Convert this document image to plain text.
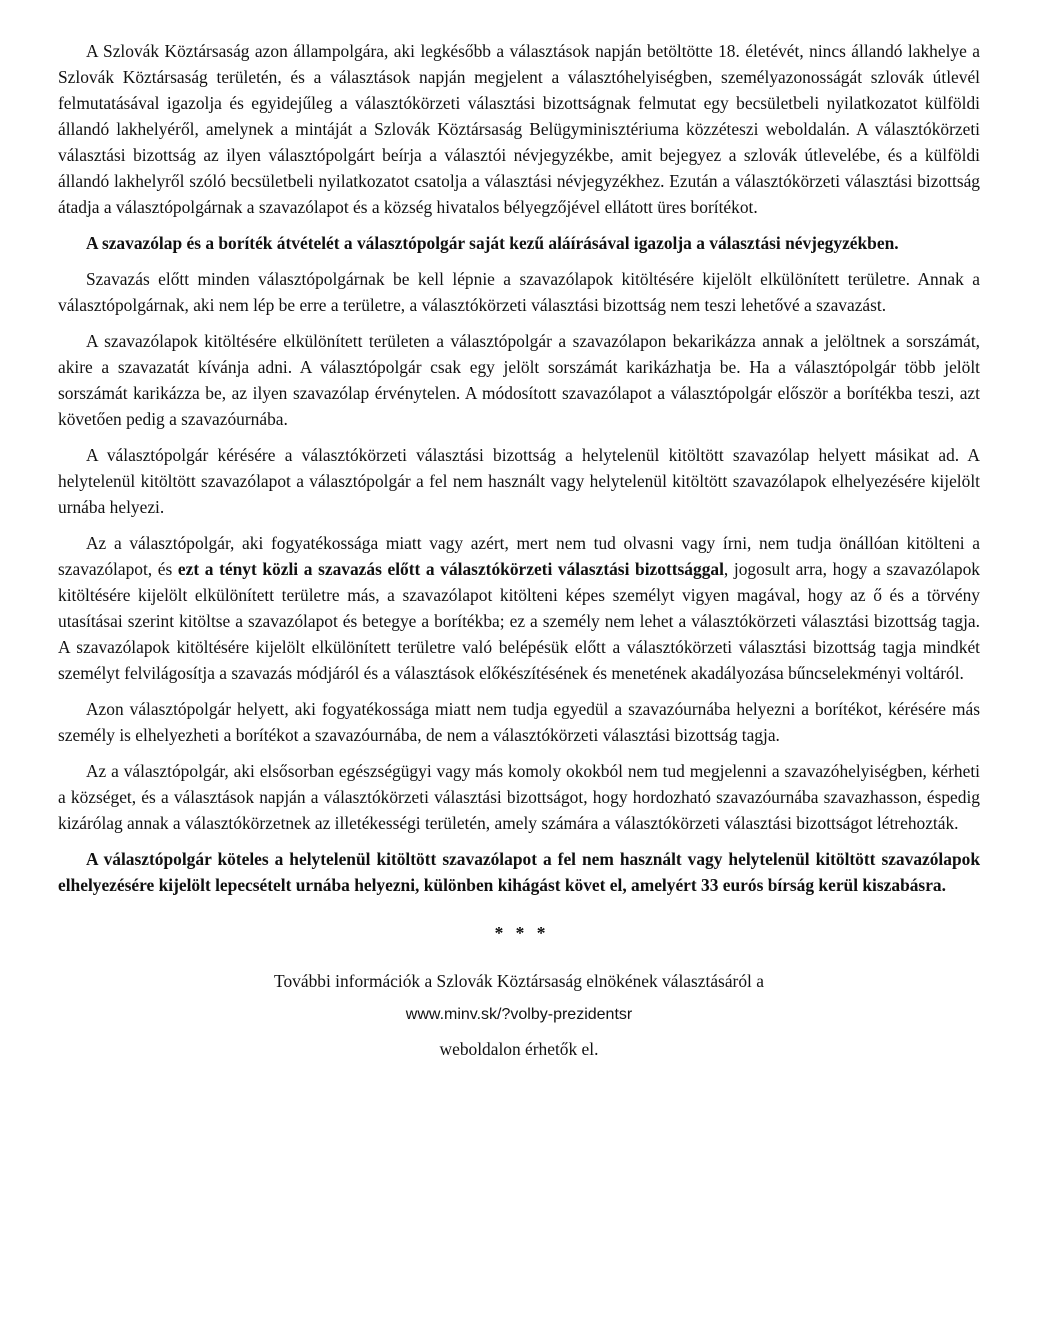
A Szlovák Köztársaság azon állampolgára, aki legkésőbb a választások napján betöltötte 18. életévét, nincs állandó lakhelye a Szlovák Köztársaság területén, és a választások napján megjelent a választóhelyiségben, személyazonosságát szlovák útlevél felmutatásával igazolja és egyidejűleg a választókörzeti választási bizottságnak felmutat egy becsületbeli nyilatkozatot külföldi állandó lakhelyéről, amelynek a mintáját a Szlovák Köztársaság Belügyminisztériuma közzéteszi weboldalán. A választókörzeti választási bizottság az ilyen választópolgárt beírja a választói névjegyzékbe, amit bejegyez a szlovák útlevelébe, és a külföldi állandó lakhelyről szóló becsületbeli nyilatkozatot csatolja a választási névjegyzékhez. Ezután a választókörzeti választási bizottság átadja a választópolgárnak a szavazólapot és a község hivatalos bélyegzőjével ellátott üres borítékot.

A szavazólap és a boríték átvételét a választópolgár saját kezű aláírásával igazolja a választási névjegyzékben.

Szavazás előtt minden választópolgárnak be kell lépnie a szavazólapok kitöltésére kijelölt elkülönített területre. Annak a választópolgárnak, aki nem lép be erre a területre, a választókörzeti választási bizottság nem teszi lehetővé a szavazást.

A szavazólapok kitöltésére elkülönített területen a választópolgár a szavazólapon bekarikázza annak a jelöltnek a sorszámát, akire a szavazatát kívánja adni. A választópolgár csak egy jelölt sorszámát karikázhatja be. Ha a választópolgár több jelölt sorszámát karikázza be, az ilyen szavazólap érvénytelen. A módosított szavazólapot a választópolgár először a borítékba teszi, azt követően pedig a szavazóurnába.

A választópolgár kérésére a választókörzeti választási bizottság a helytelenül kitöltött szavazólap helyett másikat ad. A helytelenül kitöltött szavazólapot a választópolgár a fel nem használt vagy helytelenül kitöltött szavazólapok elhelyezésére kijelölt urnába helyezi.

Az a választópolgár, aki fogyatékossága miatt vagy azért, mert nem tud olvasni vagy írni, nem tudja önállóan kitölteni a szavazólapot, és ezt a tényt közli a szavazás előtt a választókörzeti választási bizottsággal, jogosult arra, hogy a szavazólapok kitöltésére kijelölt elkülönített területre más, a szavazólapot kitölteni képes személyt vigyen magával, hogy az ő és a törvény utasításai szerint kitöltse a szavazólapot és betegye a borítékba; ez a személy nem lehet a választókörzeti választási bizottság tagja. A szavazólapok kitöltésére kijelölt elkülönített területre való belépésük előtt a választókörzeti választási bizottság tagja mindkét személyt felvilágosítja a szavazás módjáról és a választások előkészítésének és menetének akadályozása bűncselekményi voltáról.

Azon választópolgár helyett, aki fogyatékossága miatt nem tudja egyedül a szavazóurnába helyezni a borítékot, kérésére más személy is elhelyezheti a borítékot a szavazóurnába, de nem a választókörzeti választási bizottság tagja.

Az a választópolgár, aki elsősorban egészségügyi vagy más komoly okokból nem tud megjelenni a szavazóhelyiségben, kérheti a községet, és a választások napján a választókörzeti választási bizottságot, hogy hordozható szavazóurnába szavazhasson, éspedig kizárólag annak a választókörzetnek az illetékességi területén, amely számára a választókörzeti választási bizottságot létrehozták.

A választópolgár köteles a helytelenül kitöltött szavazólapot a fel nem használt vagy helytelenül kitöltött szavazólapok elhelyezésére kijelölt lepecsételt urnába helyezni, különben kihágást követ el, amelyért 33 eurós bírság kerül kiszabásra.

* * *

További információk a Szlovák Köztársaság elnökének választásáról a

www.minv.sk/?volby-prezidentsr

weboldalon érhetők el.
